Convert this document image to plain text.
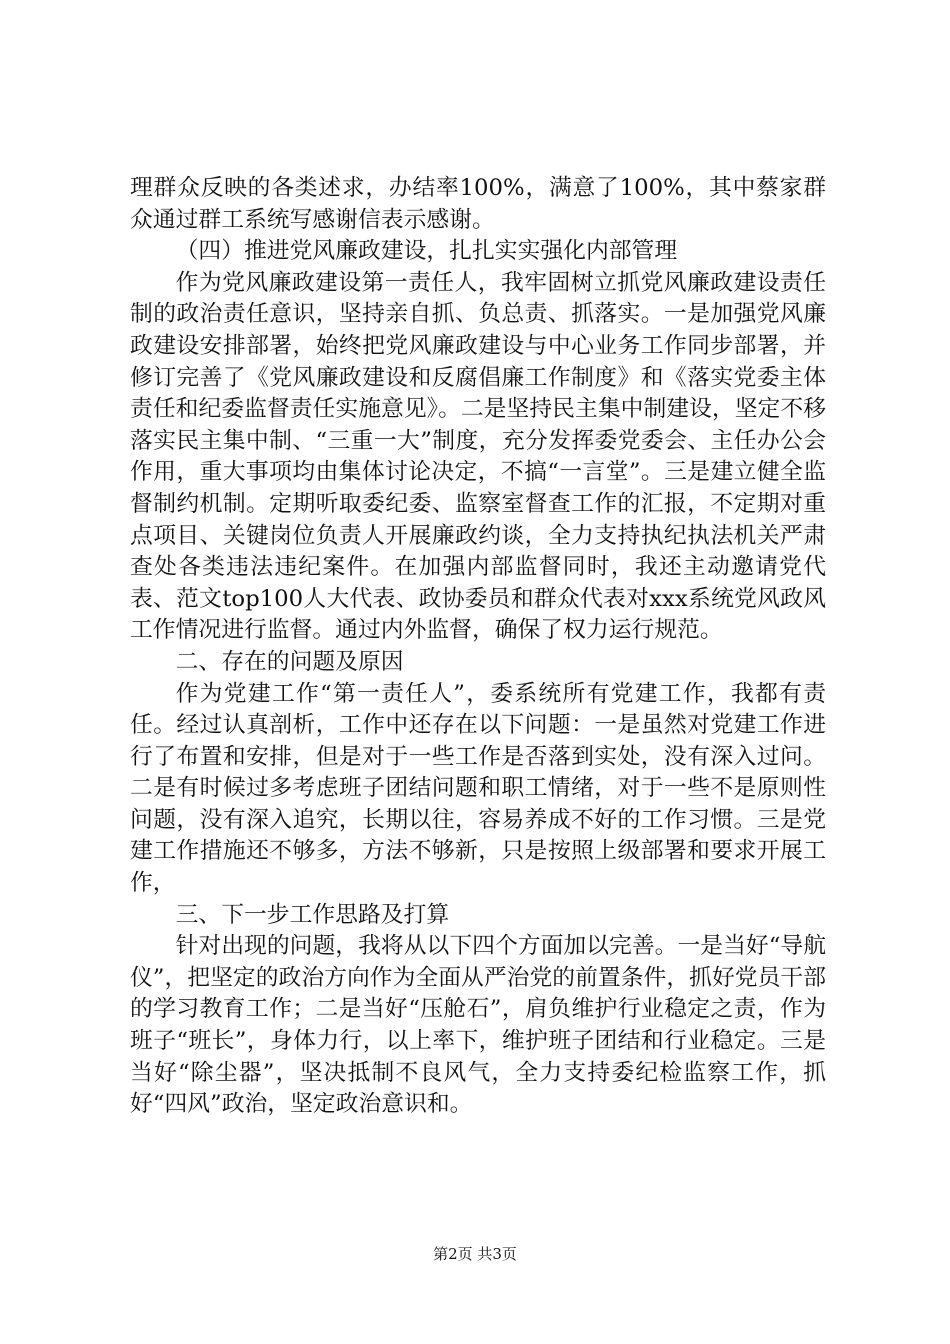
理群众反映的各类述求，办结率100%，满意了100%，其中蔡家群众通过群工系统写感谢信表示感谢。

（四）推进党风廉政建设，扎扎实实强化内部管理

作为党风廉政建设第一责任人，我牢固树立抓党风廉政建设责任制的政治责任意识，坚持亲自抓、负总责、抓落实。一是加强党风廉政建设安排部署，始终把党风廉政建设与中心业务工作同步部署，并修订完善了《党风廉政建设和反腐倡廉工作制度》和《落实党委主体责任和纪委监督责任实施意见》。二是坚持民主集中制建设，坚定不移落实民主集中制、“三重一大”制度，充分发挥委党委会、主任办公会作用，重大事项均由集体讨论决定，不搞“一言堂”。三是建立健全监督制约机制。定期听取委纪委、监察室督查工作的汇报，不定期对重点项目、关键岗位负责人开展廉政约谈，全力支持执纪执法机关严肃查处各类违法违纪案件。在加强内部监督同时，我还主动邀请党代表、范文top100人大代表、政协委员和群众代表对xxx系统党风政风工作情况进行监督。通过内外监督，确保了权力运行规范。

二、存在的问题及原因

作为党建工作“第一责任人”，委系统所有党建工作，我都有责任。经过认真剖析，工作中还存在以下问题：一是虽然对党建工作进行了布置和安排，但是对于一些工作是否落到实处，没有深入过问。二是有时候过多考虑班子团结问题和职工情绪，对于一些不是原则性问题，没有深入追究，长期以往，容易养成不好的工作习惯。三是党建工作措施还不够多，方法不够新，只是按照上级部署和要求开展工作，

三、下一步工作思路及打算

针对出现的问题，我将从以下四个方面加以完善。一是当好“导航仪”，把坚定的政治方向作为全面从严治党的前置条件，抓好党员干部的学习教育工作；二是当好“压舱石”，肩负维护行业稳定之责，作为班子“班长”，身体力行，以上率下，维护班子团结和行业稳定。三是当好“除尘器”，坚决抵制不良风气，全力支持委纪检监察工作，抓好“四风”政治，坚定政治意识和。

第2页 共3页
